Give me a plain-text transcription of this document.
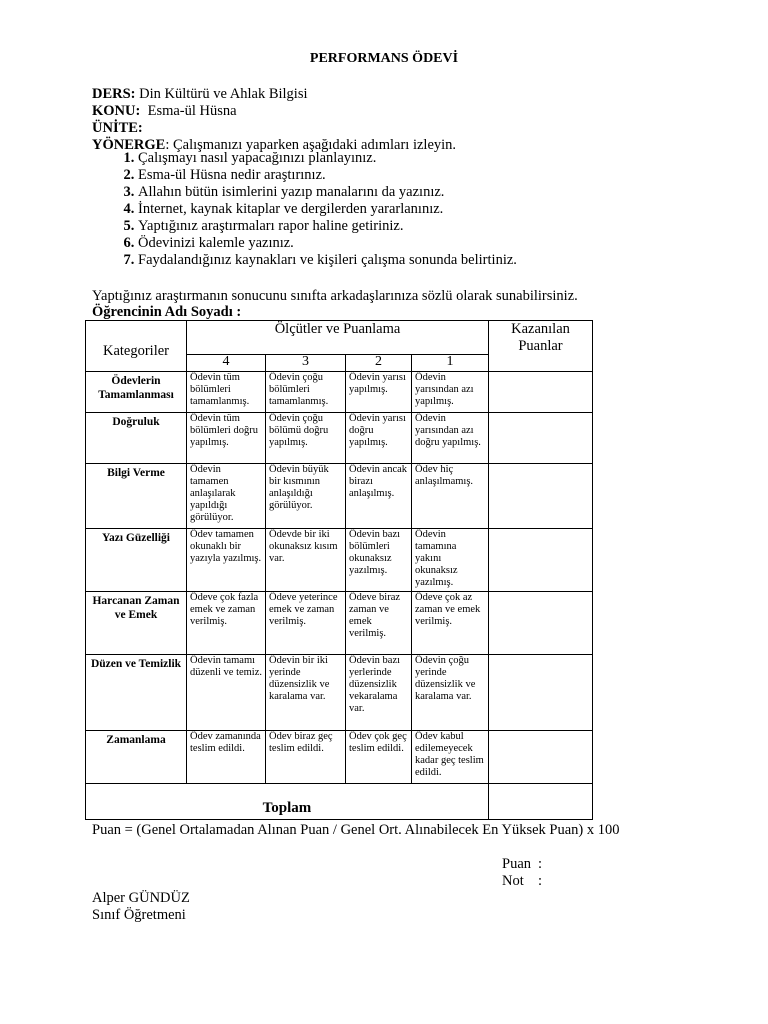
PERFORMANS ÖDEVİ
DERS: Din Kültürü ve Ahlak Bilgisi
KONU:  Esma-ül Hüsna
ÜNİTE:
YÖNERGE: Çalışmanızı yaparken aşağıdaki adımları izleyin.
1. Çalışmayı nasıl yapacağınızı planlayınız.
2. Esma-ül Hüsna nedir araştırınız.
3. Allahın bütün isimlerini yazıp manalarını da yazınız.
4. İnternet, kaynak kitaplar ve dergilerden yararlanınız.
5. Yaptığınız araştırmaları rapor haline getiriniz.
6. Ödevinizi kalemle yazınız.
7. Faydalandığınız kaynakları ve kişileri çalışma sonunda belirtiniz.
Yaptığınız araştırmanın sonucunu sınıfta arkadaşlarınıza sözlü olarak sunabilirsiniz.
Öğrencinin Adı Soyadı :
Kategoriler	Ölçütler ve Puanlama				Kazanılan Puanlar
	4	3	2	1	
Ödevlerin Tamamlanması	Ödevin tüm bölümleri tamamlanmış.	Ödevin çoğu bölümleri tamamlanmış.	Ödevin yarısı yapılmış.	Ödevin yarısından azı yapılmış.	
Doğruluk	Ödevin tüm bölümleri doğru yapılmış.	Ödevin çoğu bölümü doğru yapılmış.	Ödevin yarısı doğru yapılmış.	Ödevin yarısından azı doğru yapılmış.	
Bilgi Verme	Ödevin tamamen anlaşılarak yapıldığı görülüyor.	Ödevin büyük bir kısmının anlaşıldığı görülüyor.	Ödevin ancak birazı anlaşılmış.	Ödev hiç anlaşılmamış.	
Yazı Güzelliği	Ödev tamamen okunaklı bir yazıyla yazılmış.	Ödevde bir iki okunaksız kısım var.	Ödevin bazı bölümleri okunaksız yazılmış.	Ödevin tamamına yakını okunaksız yazılmış.	
Harcanan Zaman ve Emek	Ödeve çok fazla emek ve zaman verilmiş.	Ödeve yeterince emek ve zaman verilmiş.	Ödeve biraz zaman ve emek verilmiş.	Ödeve çok az zaman ve emek verilmiş.	
Düzen ve Temizlik	Ödevin tamamı düzenli ve temiz.	Ödevin bir iki yerinde düzensizlik ve karalama var.	Ödevin bazı yerlerinde düzensizlik vekaralama var.	Ödevin çoğu yerinde düzensizlik ve karalama var.	
Zamanlama	Ödev zamanında teslim edildi.	Ödev biraz geç teslim edildi.	Ödev çok geç teslim edildi.	Ödev kabul edilemeyecek kadar geç teslim edildi.	
Toplam					
Puan = (Genel Ortalamadan Alınan Puan / Genel Ort. Alınabilecek En Yüksek Puan) x 100
Puan :
Not :
Alper GÜNDÜZ
Sınıf Öğretmeni
